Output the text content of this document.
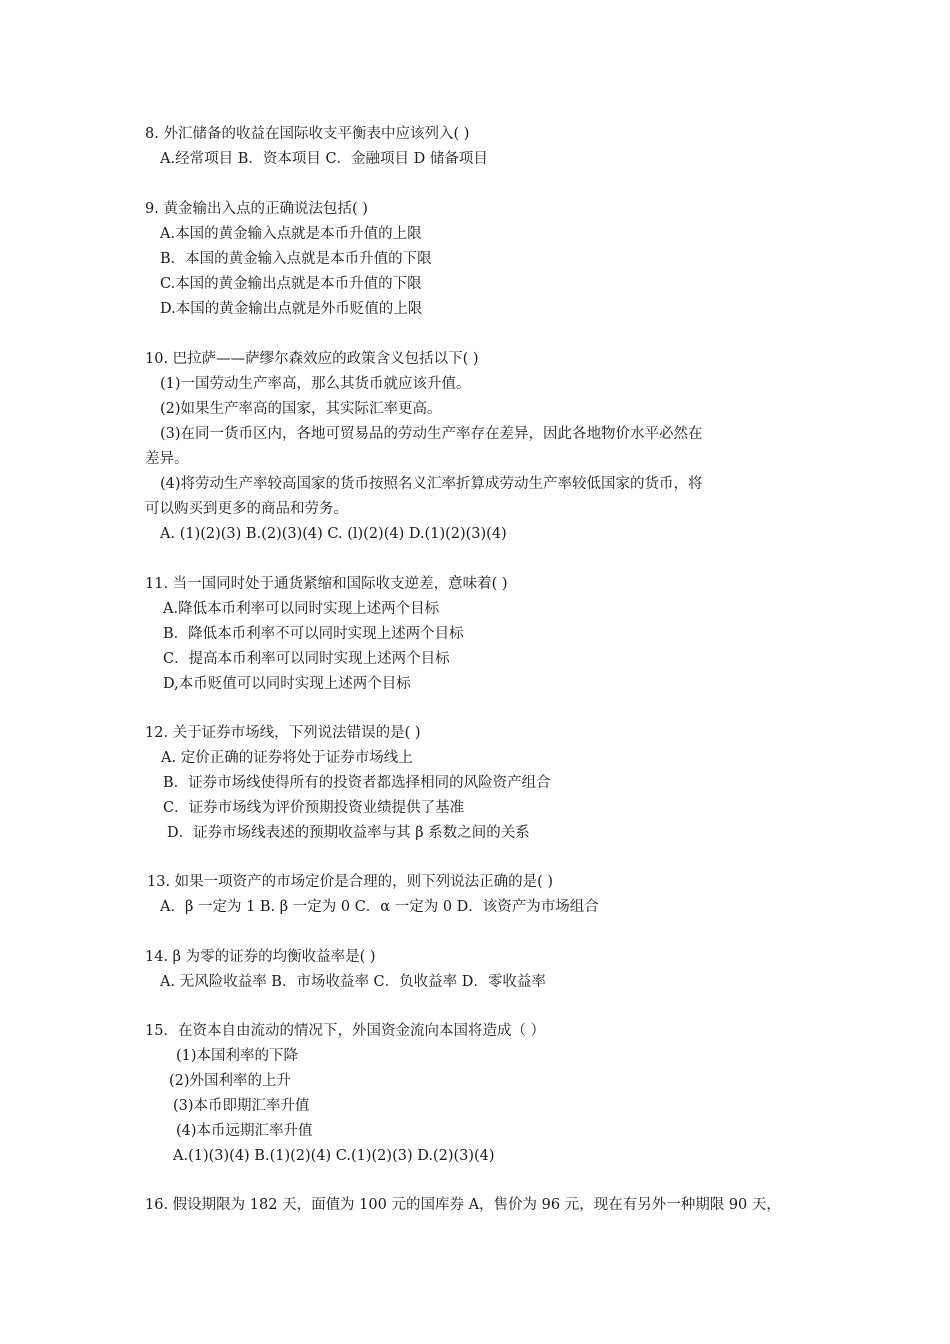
8. 外汇储备的收益在国际收支平衡表中应该列入( )
A.经常项目 B．资本项目 C．金融项目 D 储备项目
9. 黄金输出入点的正确说法包括( )
A.本国的黄金输入点就是本币升值的上限
B．本国的黄金输入点就是本币升值的下限
C.本国的黄金输出点就是本币升值的下限
D.本国的黄金输出点就是外币贬值的上限
10. 巴拉萨——萨缪尔森效应的政策含义包括以下( )
(1)一国劳动生产率高，那么其货币就应该升值。
(2)如果生产率高的国家，其实际汇率更高。
(3)在同一货币区内，各地可贸易品的劳动生产率存在差异，因此各地物价水平必然在
差异。
(4)将劳动生产率较高国家的货币按照名义汇率折算成劳动生产率较低国家的货币，将
可以购买到更多的商品和劳务。
A. (1)(2)(3) B.(2)(3)(4) C. (l)(2)(4) D.(1)(2)(3)(4)
11. 当一国同时处于通货紧缩和国际收支逆差，意味着( )
A.降低本币利率可以同时实现上述两个目标
B．降低本币利率不可以同时实现上述两个目标
C．提高本币利率可以同时实现上述两个目标
D,本币贬值可以同时实现上述两个目标
12. 关于证券市场线，下列说法错误的是( )
A. 定价正确的证券将处于证券市场线上
B．证券市场线使得所有的投资者都选择相同的风险资产组合
C．证券市场线为评价预期投资业绩提供了基准
D．证券市场线表述的预期收益率与其 β 系数之间的关系
13. 如果一项资产的市场定价是合理的，则下列说法正确的是( )
A．β 一定为 1 B. β 一定为 0 C．α 一定为 0 D．该资产为市场组合
14. β 为零的证券的均衡收益率是( )
A. 无风险收益率 B．市场收益率 C．负收益率 D．零收益率
15．在资本自由流动的情况下，外国资金流向本国将造成（ ）
(1)本国利率的下降
(2)外国利率的上升
(3)本币即期汇率升值
(4)本币远期汇率升值
A.(1)(3)(4) B.(1)(2)(4) C.(1)(2)(3) D.(2)(3)(4)
16. 假设期限为 182 天，面值为 100 元的国库券 A，售价为 96 元，现在有另外一种期限 90 天，
